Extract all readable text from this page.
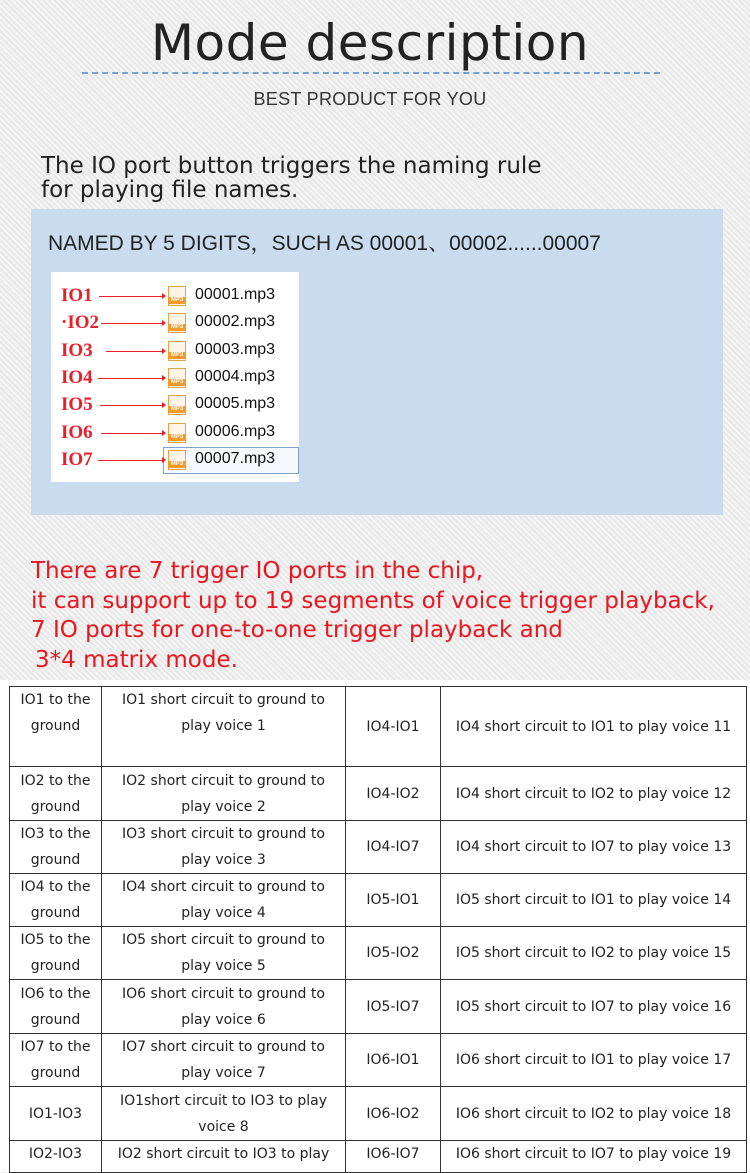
Mode description
BEST PRODUCT FOR YOU
The IO port button triggers the naming rule
for playing file names.
NAMED BY 5 DIGITS，SUCH AS 00001、00002......00007
IO1	MP3 00001.mp3
·IO2	MP3 00002.mp3
IO3	MP3 00003.mp3
IO4	MP3 00004.mp3
IO5	MP3 00005.mp3
IO6	MP3 00006.mp3
IO7	MP3 00007.mp3
There are 7 trigger IO ports in the chip,
it can support up to 19 segments of voice trigger playback,
7 IO ports for one-to-one trigger playback and
3*4 matrix mode.
IO1 to the ground	IO1 short circuit to ground to play voice 1	IO4-IO1	IO4 short circuit to IO1 to play voice 11
IO2 to the ground	IO2 short circuit to ground to play voice 2	IO4-IO2	IO4 short circuit to IO2 to play voice 12
IO3 to the ground	IO3 short circuit to ground to play voice 3	IO4-IO7	IO4 short circuit to IO7 to play voice 13
IO4 to the ground	IO4 short circuit to ground to play voice 4	IO5-IO1	IO5 short circuit to IO1 to play voice 14
IO5 to the ground	IO5 short circuit to ground to play voice 5	IO5-IO2	IO5 short circuit to IO2 to play voice 15
IO6 to the ground	IO6 short circuit to ground to play voice 6	IO5-IO7	IO5 short circuit to IO7 to play voice 16
IO7 to the ground	IO7 short circuit to ground to play voice 7	IO6-IO1	IO6 short circuit to IO1 to play voice 17
IO1-IO3	IO1short circuit to IO3 to play voice 8	IO6-IO2	IO6 short circuit to IO2 to play voice 18
IO2-IO3	IO2 short circuit to IO3 to play	IO6-IO7	IO6 short circuit to IO7 to play voice 19
